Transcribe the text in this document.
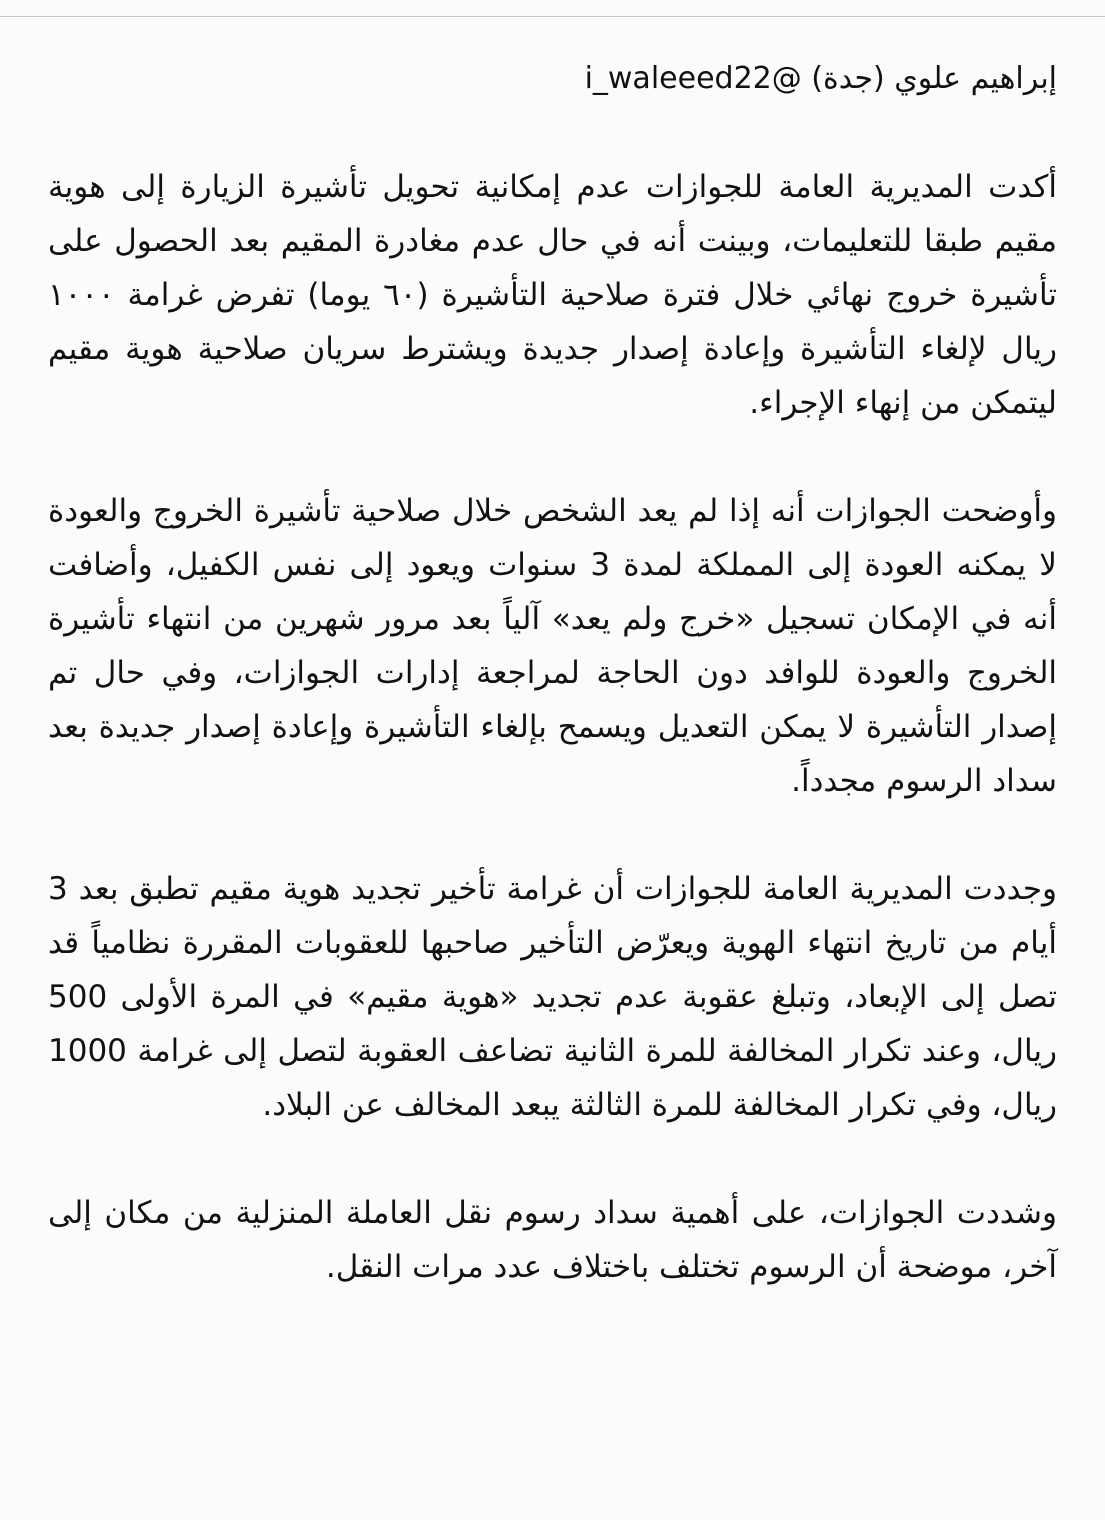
إبراهيم علوي (جدة) @i_waleeed22

أكدت المديرية العامة للجوازات عدم إمكانية تحويل تأشيرة الزيارة إلى هوية مقيم طبقا للتعليمات، وبينت أنه في حال عدم مغادرة المقيم بعد الحصول على تأشيرة خروج نهائي خلال فترة صلاحية التأشيرة (٦٠ يوما) تفرض غرامة ١٠٠٠ ريال لإلغاء التأشيرة وإعادة إصدار جديدة ويشترط سريان صلاحية هوية مقيم ليتمكن من إنهاء الإجراء.

وأوضحت الجوازات أنه إذا لم يعد الشخص خلال صلاحية تأشيرة الخروج والعودة لا يمكنه العودة إلى المملكة لمدة 3 سنوات ويعود إلى نفس الكفيل، وأضافت أنه في الإمكان تسجيل «خرج ولم يعد» آلياً بعد مرور شهرين من انتهاء تأشيرة الخروج والعودة للوافد دون الحاجة لمراجعة إدارات الجوازات، وفي حال تم إصدار التأشيرة لا يمكن التعديل ويسمح بإلغاء التأشيرة وإعادة إصدار جديدة بعد سداد الرسوم مجدداً.

وجددت المديرية العامة للجوازات أن غرامة تأخير تجديد هوية مقيم تطبق بعد 3 أيام من تاريخ انتهاء الهوية ويعرّض التأخير صاحبها للعقوبات المقررة نظامياً قد تصل إلى الإبعاد، وتبلغ عقوبة عدم تجديد «هوية مقيم» في المرة الأولى 500 ريال، وعند تكرار المخالفة للمرة الثانية تضاعف العقوبة لتصل إلى غرامة 1000 ريال، وفي تكرار المخالفة للمرة الثالثة يبعد المخالف عن البلاد.

وشددت الجوازات، على أهمية سداد رسوم نقل العاملة المنزلية من مكان إلى آخر، موضحة أن الرسوم تختلف باختلاف عدد مرات النقل.
